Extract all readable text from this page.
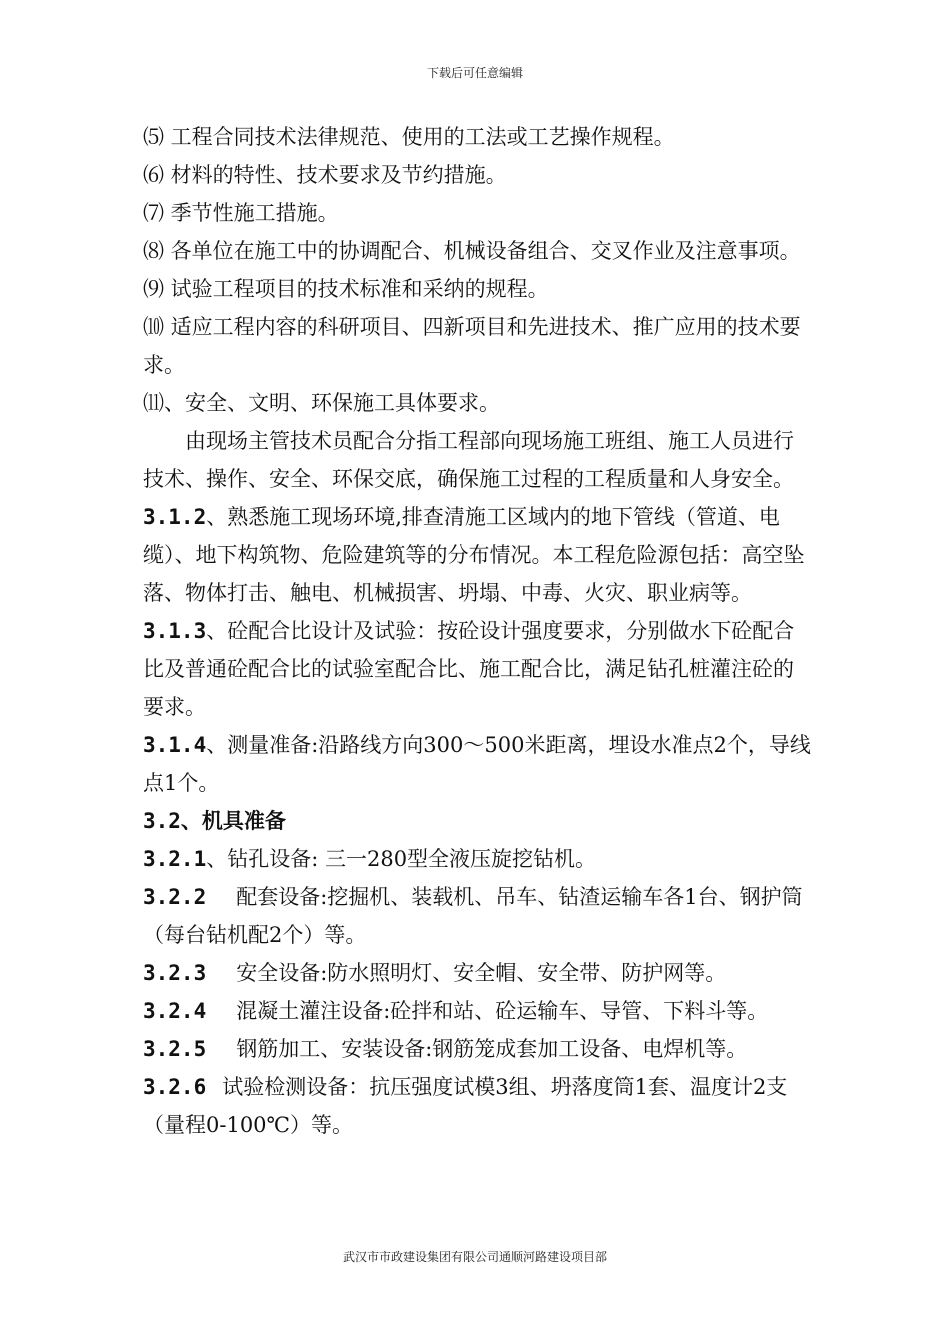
下载后可任意编辑

⑸ 工程合同技术法律规范、使用的工法或工艺操作规程。

⑹ 材料的特性、技术要求及节约措施。

⑺ 季节性施工措施。

⑻ 各单位在施工中的协调配合、机械设备组合、交叉作业及注意事项。

⑼ 试验工程项目的技术标准和采纳的规程。

⑽ 适应工程内容的科研项目、四新项目和先进技术、推广应用的技术要求。

⑾、安全、文明、环保施工具体要求。

由现场主管技术员配合分指工程部向现场施工班组、施工人员进行技术、操作、安全、环保交底，确保施工过程的工程质量和人身安全。

3.1.2、熟悉施工现场环境,排查清施工区域内的地下管线（管道、电缆）、地下构筑物、危险建筑等的分布情况。本工程危险源包括：高空坠落、物体打击、触电、机械损害、坍塌、中毒、火灾、职业病等。

3.1.3、砼配合比设计及试验：按砼设计强度要求，分别做水下砼配合比及普通砼配合比的试验室配合比、施工配合比，满足钻孔桩灌注砼的要求。

3.1.4、测量准备:沿路线方向300～500米距离，埋设水准点2个，导线点1个。

3.2、机具准备

3.2.1、钻孔设备: 三一280型全液压旋挖钻机。

3.2.2 配套设备:挖掘机、装载机、吊车、钻渣运输车各1台、钢护筒（每台钻机配2个）等。

3.2.3 安全设备:防水照明灯、安全帽、安全带、防护网等。

3.2.4 混凝土灌注设备:砼拌和站、砼运输车、导管、下料斗等。

3.2.5 钢筋加工、安装设备:钢筋笼成套加工设备、电焊机等。

3.2.6 试验检测设备：抗压强度试模3组、坍落度筒1套、温度计2支（量程0-100℃）等。

武汉市市政建设集团有限公司通顺河路建设项目部
